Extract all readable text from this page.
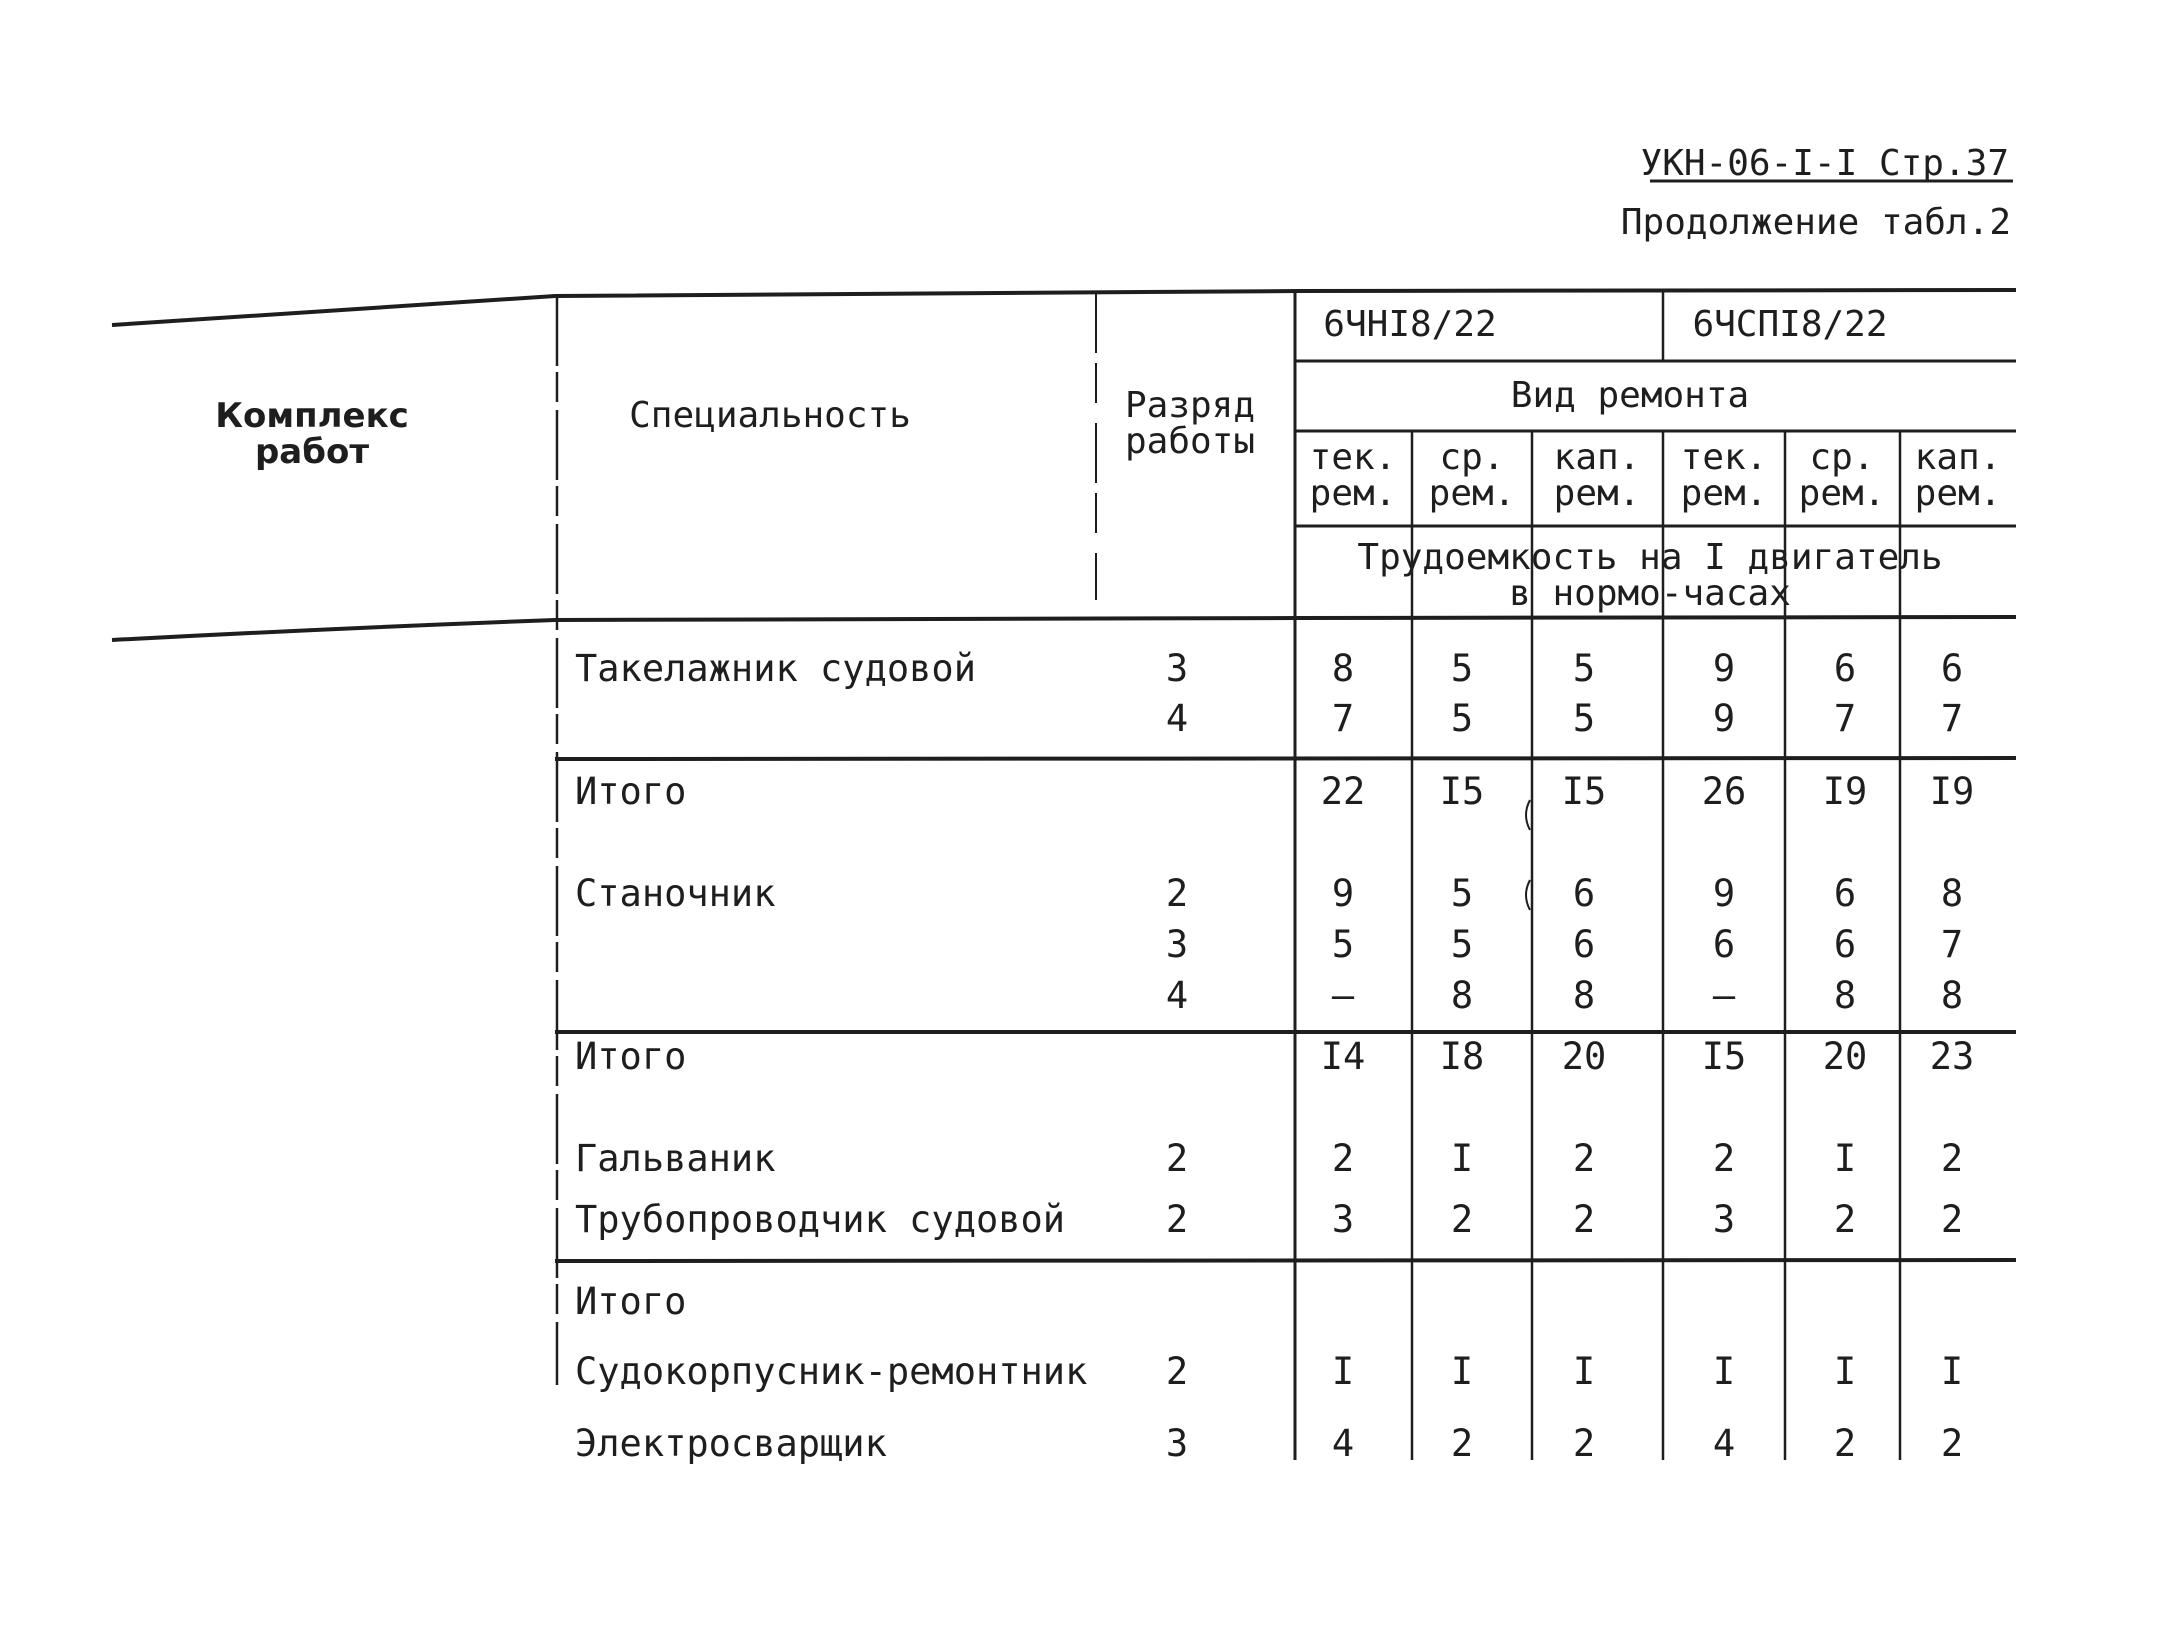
УКН-06-I-I Стр.37
Продолжение табл.2
Комплекс
работ
Специальность	Разряд
работы
6ЧНI8/22	6ЧСПI8/22
Вид ремонта
тек.
рем.
ср.
рем.
кап.
рем.
тек.
рем.
ср.
рем.
кап.
рем.
Трудоемкость на I двигатель
в нормо-часах
Такелажник судовой	3	8	5	5	9	6 6
4	7	5	5	9	7 7
Итого	22 I5 I5	26 I9 I9
Станочник	2	9	5	6	9	6 8
3	5	5	6	6	6 7
4	–	8	8	–	8 8
Итого	I4 I8 20	I5 20 23
Гальваник	2	2	I	2	2	I 2
Трубопроводчик судовой	2	3	2	2	3	2 2
Итого
Судокорпусник-ремонтник 2	I	I	I	I	I I
Электросварщик	3	4	2	2	4	2 2
